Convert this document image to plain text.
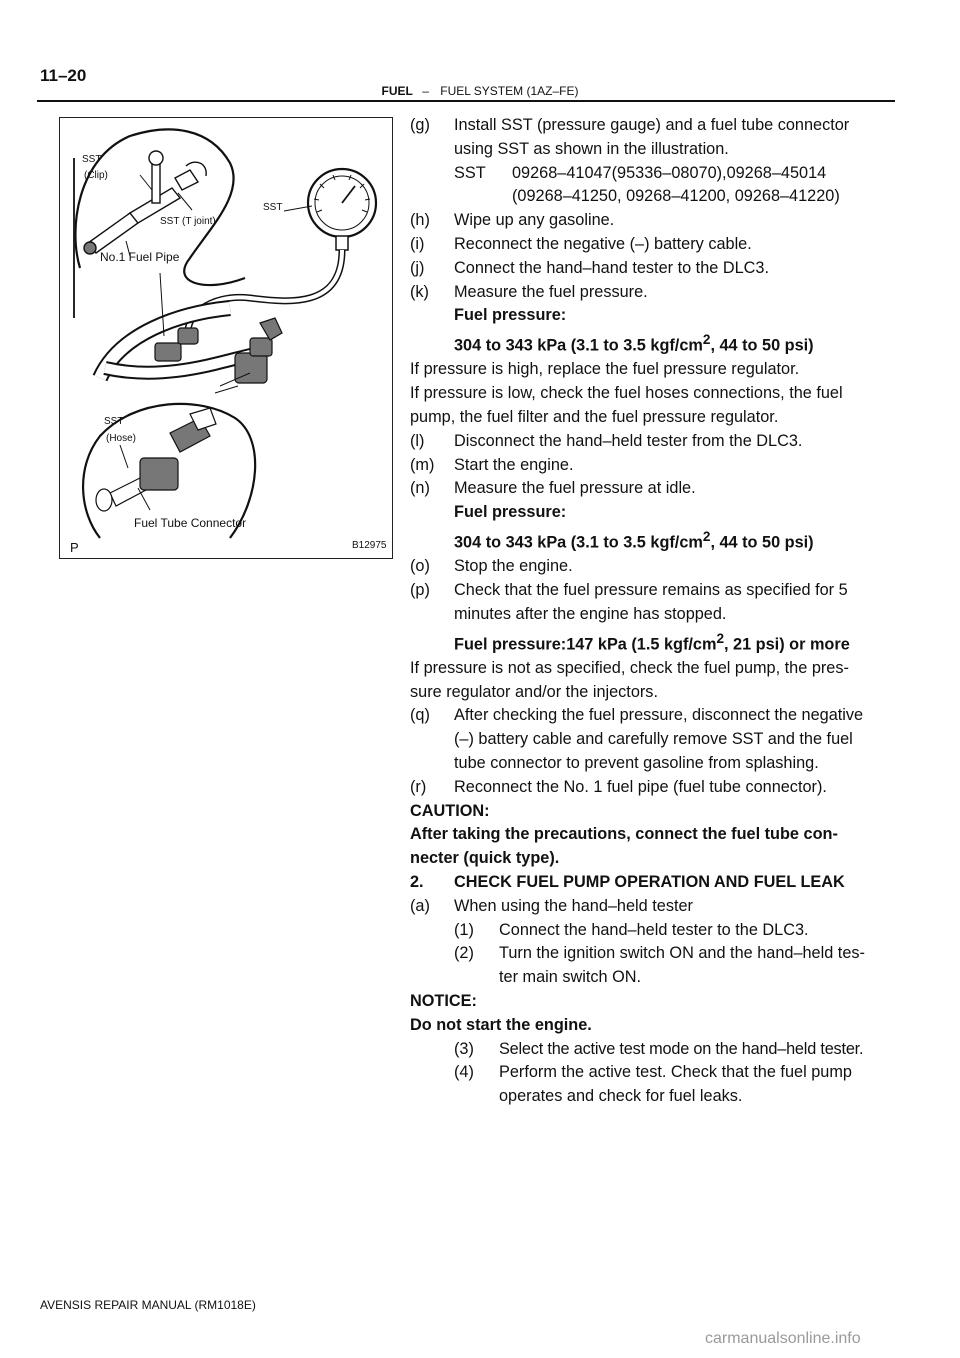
11–20
FUEL – FUEL SYSTEM (1AZ–FE)
SST
(Clip)
SST (T joint)
SST
No.1 Fuel Pipe
SST
(Hose)
Fuel Tube Connector
B12975
P
(g)	Install SST (pressure gauge) and a fuel tube connector
using SST as shown in the illustration.
SST 09268–41047(95336–08070),09268–45014
(09268–41250, 09268–41200, 09268–41220)
(h)	Wipe up any gasoline.
(i)	Reconnect the negative (–) battery cable.
(j)	Connect the hand–hand tester to the DLC3.
(k)	Measure the fuel pressure.
Fuel pressure:
304 to 343 kPa (3.1 to 3.5 kgf/$cm^2$, 44 to 50 psi)
If pressure is high, replace the fuel pressure regulator.
If pressure is low, check the fuel hoses connections, the fuel
pump, the fuel filter and the fuel pressure regulator.
(l)	Disconnect the hand–held tester from the DLC3.
(m)	Start the engine.
(n)	Measure the fuel pressure at idle.
Fuel pressure:
304 to 343 kPa (3.1 to 3.5 kgf/$cm^2$, 44 to 50 psi)
(o)	Stop the engine.
(p)	Check that the fuel pressure remains as specified for 5
minutes after the engine has stopped.
Fuel pressure:147 kPa (1.5 kgf/$cm^2$, 21 psi) or more
If pressure is not as specified, check the fuel pump, the pres-
sure regulator and/or the injectors.
(q)	After checking the fuel pressure, disconnect the negative
(–) battery cable and carefully remove SST and the fuel
tube connector to prevent gasoline from splashing.
(r)	Reconnect the No. 1 fuel pipe (fuel tube connector).
CAUTION:
After taking the precautions, connect the fuel tube con-
necter (quick type).
2.	CHECK FUEL PUMP OPERATION AND FUEL LEAK
(a)	When using the hand–held tester
(1)	Connect the hand–held tester to the DLC3.
(2)	Turn the ignition switch ON and the hand–held tes-
ter main switch ON.
NOTICE:
Do not start the engine.
(3)	Select the active test mode on the hand–held tester.
(4)	Perform the active test. Check that the fuel pump
operates and check for fuel leaks.
AVENSIS REPAIR MANUAL (RM1018E)
carmanualsonline.info
